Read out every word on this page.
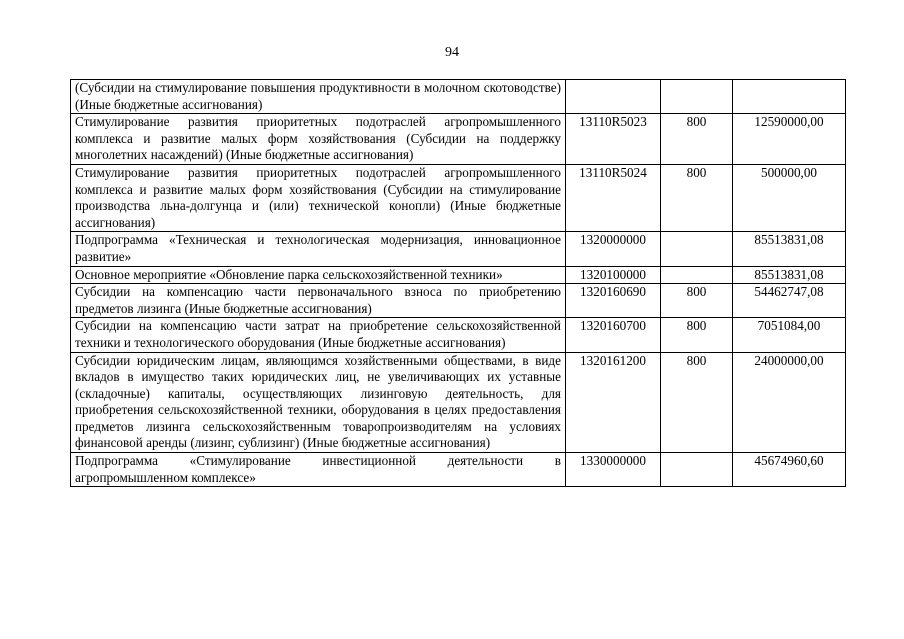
94
(Субсидии на стимулирование повышения продуктивности в молочном скотоводстве) (Иные бюджетные ассигнования)			
Стимулирование развития приоритетных подотраслей агропромышленного комплекса и развитие малых форм хозяйствования (Субсидии на поддержку многолетних насаждений) (Иные бюджетные ассигнования)	13110R5023	800	12590000,00
Стимулирование развития приоритетных подотраслей агропромышленного комплекса и развитие малых форм хозяйствования (Субсидии на стимулирование производства льна-долгунца и (или) технической конопли) (Иные бюджетные ассигнования)	13110R5024	800	500000,00
Подпрограмма «Техническая и технологическая модернизация, инновационное развитие»	1320000000		85513831,08
Основное мероприятие «Обновление парка сельскохозяйственной техники»	1320100000		85513831,08
Субсидии на компенсацию части первоначального взноса по приобретению предметов лизинга (Иные бюджетные ассигнования)	1320160690	800	54462747,08
Субсидии на компенсацию части затрат на приобретение сельскохозяйственной техники и технологического оборудования (Иные бюджетные ассигнования)	1320160700	800	7051084,00
Субсидии юридическим лицам, являющимся хозяйственными обществами, в виде вкладов в имущество таких юридических лиц, не увеличивающих их уставные (складочные) капиталы, осуществляющих лизинговую деятельность, для приобретения сельскохозяйственной техники, оборудования в целях предоставления предметов лизинга сельскохозяйственным товаропроизводителям на условиях финансовой аренды (лизинг, сублизинг) (Иные бюджетные ассигнования)	1320161200	800	24000000,00
Подпрограмма «Стимулирование инвестиционной деятельности в агропромышленном комплексе»	1330000000		45674960,60
